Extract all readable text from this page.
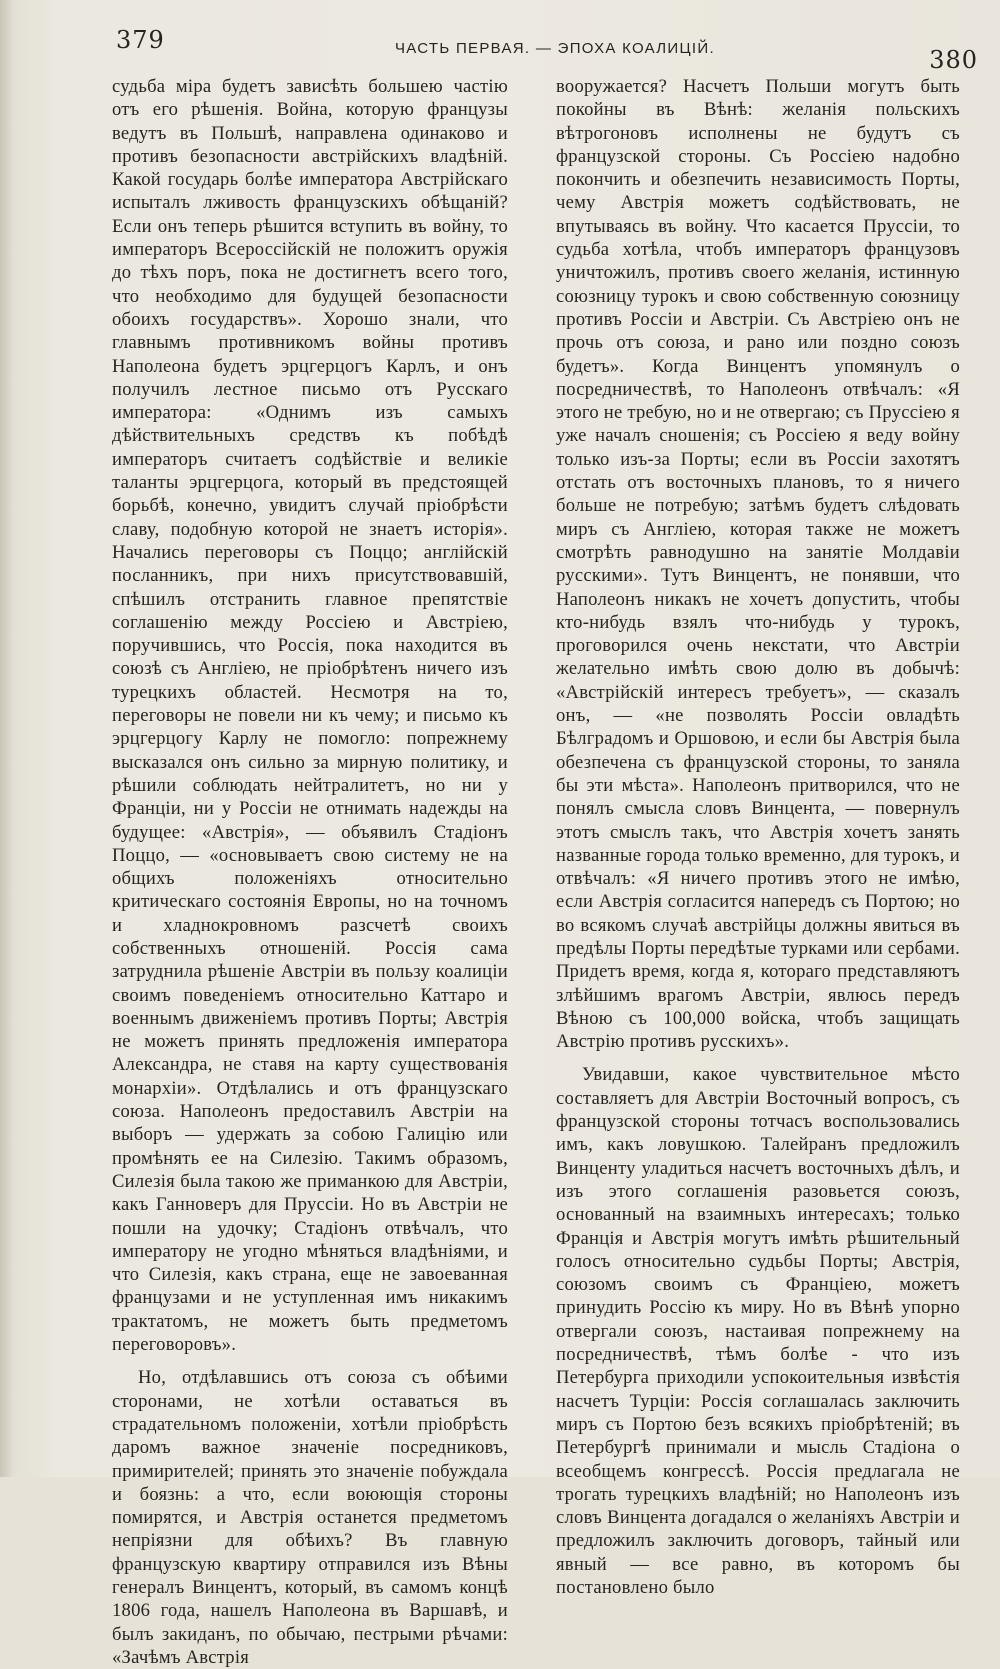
379	ЧАСТЬ ПЕРВАЯ. — ЭПОХА КОАЛИЦІЙ.	380

судьба міра будетъ зависѣть большею частію отъ его рѣшенія. Война, которую французы ведутъ въ Польшѣ, направлена одинаково и противъ безопасности австрійскихъ владѣній. Какой государь болѣе императора Австрійскаго испыталъ лживость французскихъ обѣщаній? Если онъ теперь рѣшится вступить въ войну, то императоръ Всероссійскій не положитъ оружія до тѣхъ поръ, пока не достигнетъ всего того, что необходимо для будущей безопасности обоихъ государствъ». Хорошо знали, что главнымъ противникомъ войны противъ Наполеона будетъ эрцгерцогъ Карлъ, и онъ получилъ лестное письмо отъ Русскаго императора: «Однимъ изъ самыхъ дѣйствительныхъ средствъ къ побѣдѣ императоръ считаетъ содѣйствіе и великіе таланты эрцгерцога, который въ предстоящей борьбѣ, конечно, увидитъ случай пріобрѣсти славу, подобную которой не знаетъ исторія». Начались переговоры съ Поццо; англійскій посланникъ, при нихъ присутствовавшій, спѣшилъ отстранить главное препятствіе соглашенію между Россіею и Австріею, поручившись, что Россія, пока находится въ союзѣ съ Англіею, не пріобрѣтенъ ничего изъ турецкихъ областей. Несмотря на то, переговоры не повели ни къ чему; и письмо къ эрцгерцогу Карлу не помогло: попрежнему высказался онъ сильно за мирную политику, и рѣшили соблюдать нейтралитетъ, но ни у Франціи, ни у Россіи не отнимать надежды на будущее: «Австрія», — объявилъ Стадіонъ Поццо, — «основываетъ свою систему не на общихъ положеніяхъ относительно критическаго состоянія Европы, но на точномъ и хладнокровномъ разсчетѣ своихъ собственныхъ отношеній. Россія сама затруднила рѣшеніе Австріи въ пользу коалиціи своимъ поведеніемъ относительно Каттаро и военнымъ движеніемъ противъ Порты; Австрія не можетъ принять предложенія императора Александра, не ставя на карту существованія монархіи». Отдѣлались и отъ французскаго союза. Наполеонъ предоставилъ Австріи на выборъ — удержать за собою Галицію или промѣнять ее на Силезію. Такимъ образомъ, Силезія была такою же приманкою для Австріи, какъ Ганноверъ для Пруссіи. Но въ Австріи не пошли на удочку; Стадіонъ отвѣчалъ, что императору не угодно мѣняться владѣніями, и что Силезія, какъ страна, еще не завоеванная французами и не уступленная имъ никакимъ трактатомъ, не можетъ быть предметомъ переговоровъ».

Но, отдѣлавшись отъ союза съ обѣими сторонами, не хотѣли оставаться въ страдательномъ положеніи, хотѣли пріобрѣсть даромъ важное значеніе посредниковъ, примирителей; принять это значеніе побуждала и боязнь: а что, если воюющія стороны помирятся, и Австрія останется предметомъ непріязни для обѣихъ? Въ главную французскую квартиру отправился изъ Вѣны генералъ Винцентъ, который, въ самомъ концѣ 1806 года, нашелъ Наполеона въ Варшавѣ, и былъ закиданъ, по обычаю, пестрыми рѣчами: «Зачѣмъ Австрія

вооружается? Насчетъ Польши могутъ быть покойны въ Вѣнѣ: желанія польскихъ вѣтрогоновъ исполнены не будутъ съ французской стороны. Съ Россіею надобно покончить и обезпечить независимость Порты, чему Австрія можетъ содѣйствовать, не впутываясь въ войну. Что касается Пруссіи, то судьба хотѣла, чтобъ императоръ французовъ уничтожилъ, противъ своего желанія, истинную союзницу турокъ и свою собственную союзницу противъ Россіи и Австріи. Съ Австріею онъ не прочь отъ союза, и рано или поздно союзъ будетъ». Когда Винцентъ упомянулъ о посредничествѣ, то Наполеонъ отвѣчалъ: «Я этого не требую, но и не отвергаю; съ Пруссіею я уже началъ сношенія; съ Россіею я веду войну только изъ-за Порты; если въ Россіи захотятъ отстать отъ восточныхъ плановъ, то я ничего больше не потребую; затѣмъ будетъ слѣдовать миръ съ Англіею, которая также не можетъ смотрѣть равнодушно на занятіе Молдавіи русскими». Тутъ Винцентъ, не понявши, что Наполеонъ никакъ не хочетъ допустить, чтобы кто-нибудь взялъ что-нибудь у турокъ, проговорился очень некстати, что Австріи желательно имѣть свою долю въ добычѣ: «Австрійскій интересъ требуетъ», — сказалъ онъ, — «не позволять Россіи овладѣть Бѣлградомъ и Оршовою, и если бы Австрія была обезпечена съ французской стороны, то заняла бы эти мѣста». Наполеонъ притворился, что не понялъ смысла словъ Винцента, — повернулъ этотъ смыслъ такъ, что Австрія хочетъ занять названные города только временно, для турокъ, и отвѣчалъ: «Я ничего противъ этого не имѣю, если Австрія согласится напередъ съ Портою; но во всякомъ случаѣ австрійцы должны явиться въ предѣлы Порты передѣтые турками или сербами. Придетъ время, когда я, котораго представляютъ злѣйшимъ врагомъ Австріи, явлюсь передъ Вѣною съ 100,000 войска, чтобъ защищать Австрію противъ русскихъ».

Увидавши, какое чувствительное мѣсто составляетъ для Австріи Восточный вопросъ, съ французской стороны тотчасъ воспользовались имъ, какъ ловушкою. Талейранъ предложилъ Винценту уладиться насчетъ восточныхъ дѣлъ, и изъ этого соглашенія разовьется союзъ, основанный на взаимныхъ интересахъ; только Франція и Австрія могутъ имѣть рѣшительный голосъ относительно судьбы Порты; Австрія, союзомъ своимъ съ Франціею, можетъ принудить Россію къ миру. Но въ Вѣнѣ упорно отвергали союзъ, настаивая попрежнему на посредничествѣ, тѣмъ болѣе - что изъ Петербурга приходили успокоительныя извѣстія насчетъ Турціи: Россія соглашалась заключить миръ съ Портою безъ всякихъ пріобрѣтеній; въ Петербургѣ принимали и мысль Стадіона о всеобщемъ конгрессѣ. Россія предлагала не трогать турецкихъ владѣній; но Наполеонъ изъ словъ Винцента догадался о желаніяхъ Австріи и предложилъ заключить договоръ, тайный или явный — все равно, въ которомъ бы постановлено было
